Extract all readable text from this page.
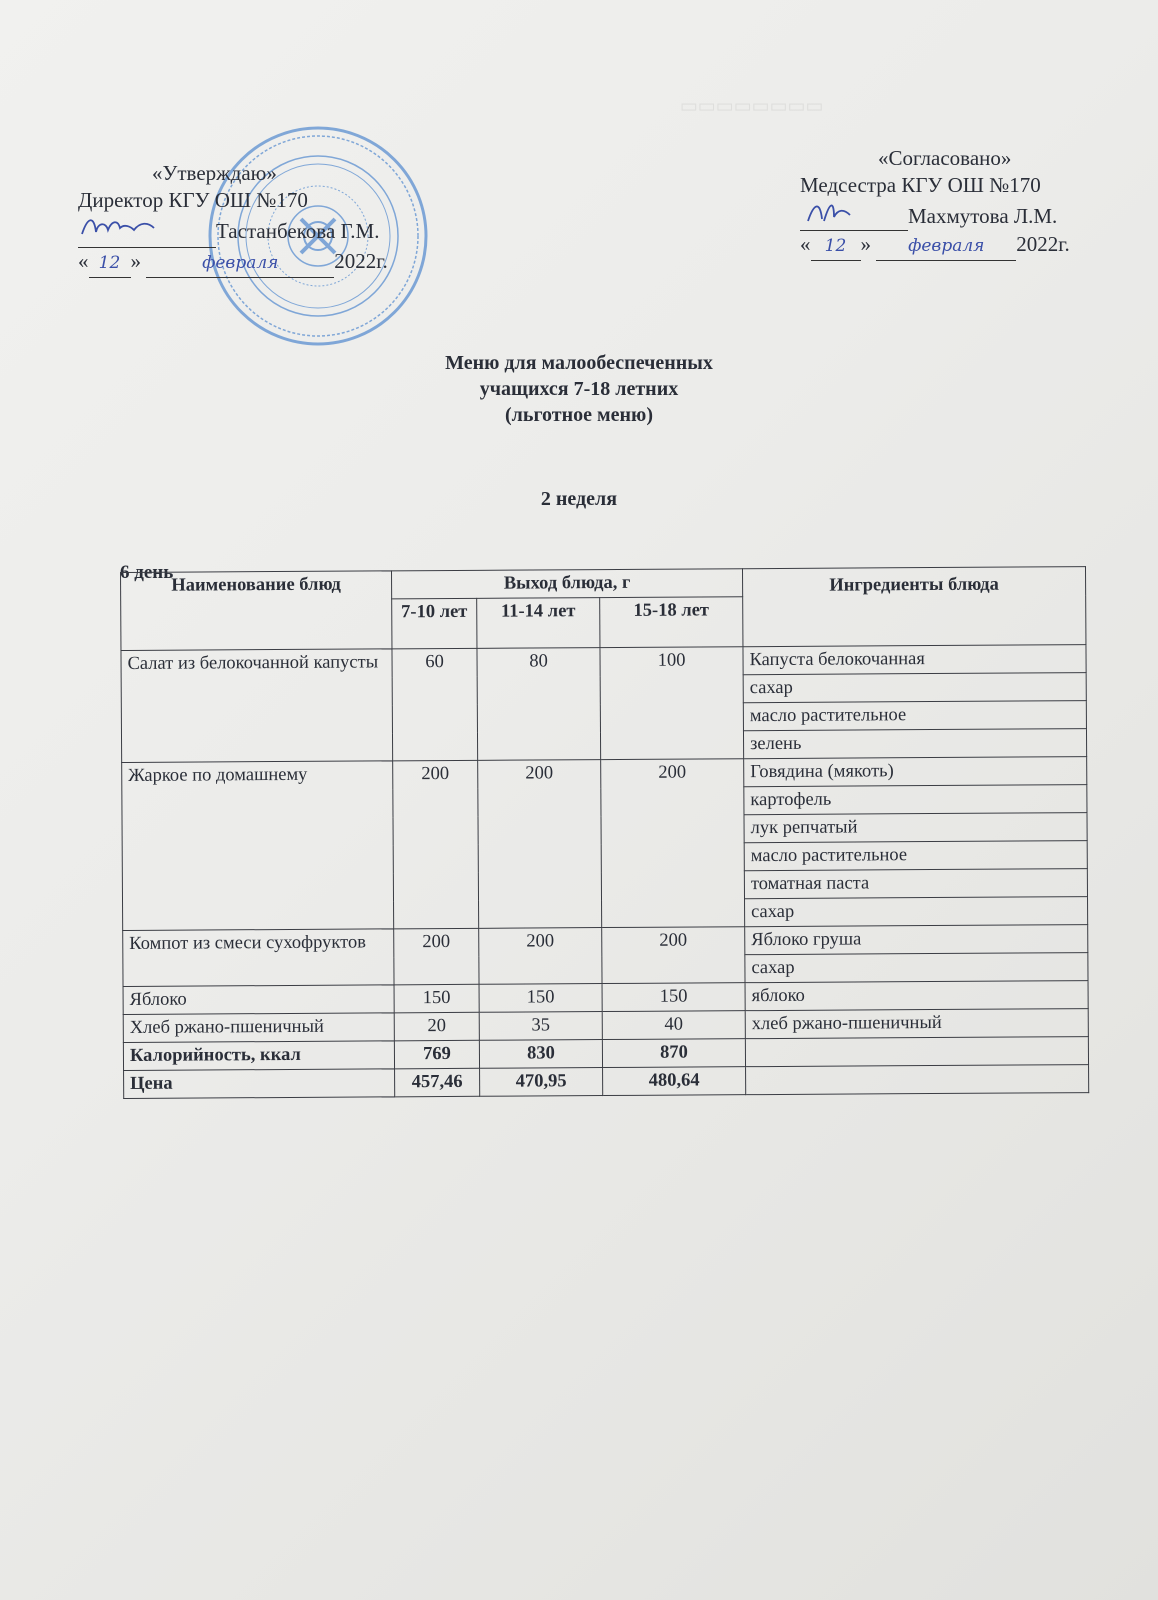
▭▭▭▭▭▭▭▭
«Утверждаю»
Директор КГУ ОШ №170
Тастанбекова Г.М.
« 12 »	февраля	2022г.
«Согласовано»
Медсестра КГУ ОШ №170
Махмутова Л.М.
« 12 » февраля 2022г.
Меню для малообеспеченных
учащихся 7-18 летних
(льготное меню)
2 неделя
6 день
Наименование блюд	Выход блюда, г			Ингредиенты блюда
	7-10 лет	11-14 лет	15-18 лет	
Салат из белокочанной капусты	60	80	100	Капуста белокочанная
				сахар
				масло растительное
				зелень
Жаркое по домашнему	200	200	200	Говядина (мякоть)
				картофель
				лук репчатый
				масло растительное
				томатная паста
				сахар
Компот из смеси сухофруктов	200	200	200	Яблоко груша
				сахар
Яблоко	150	150	150	яблоко
Хлеб ржано-пшеничный	20	35	40	хлеб ржано-пшеничный
Калорийность, ккал	769	830	870	
Цена	457,46	470,95	480,64	
